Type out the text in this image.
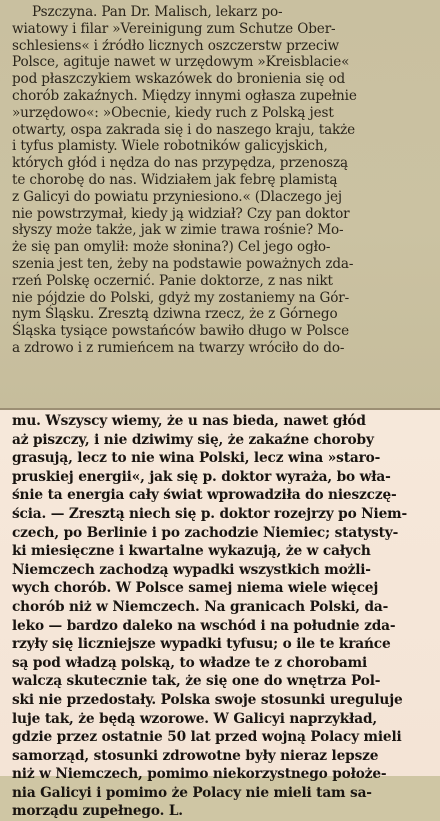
Pszczyna. Pan Dr. Malisch, lekarz po-
wiatowy i filar »Vereinigung zum Schutze Ober-
schlesiens« i źródło licznych oszczerstw przeciw
Polsce, agituje nawet w urzędowym »Kreisblacie«
pod płaszczykiem wskazówek do bronienia się od
chorób zakaźnych. Między innymi ogłasza zupełnie
»urzędowo«: »Obecnie, kiedy ruch z Polską jest
otwarty, ospa zakrada się i do naszego kraju, także
i tyfus plamisty. Wiele robotników galicyjskich,
których głód i nędza do nas przypędza, przenoszą
te chorobę do nas. Widziałem jak febrę plamistą
z Galicyi do powiatu przyniesiono.« (Dlaczego jej
nie powstrzymał, kiedy ją widział? Czy pan doktor
słyszy może także, jak w zimie trawa rośnie? Mo-
że się pan omylił: może słonina?) Cel jego ogło-
szenia jest ten, żeby na podstawie poważnych zda-
rzeń Polskę oczernić. Panie doktorze, z nas nikt
nie pójdzie do Polski, gdyż my zostaniemy na Gór-
nym Śląsku. Zresztą dziwna rzecz, że z Górnego
Śląska tysiące powstańców bawiło długo w Polsce
a zdrowo i z rumieńcem na twarzy wróciło do do-
mu. Wszyscy wiemy, że u nas bieda, nawet głód
aż piszczy, i nie dziwimy się, że zakaźne choroby
grasują, lecz to nie wina Polski, lecz wina »staro-
pruskiej energii«, jak się p. doktor wyraża, bo wła-
śnie ta energia cały świat wprowadziła do nieszczę-
ścia. — Zresztą niech się p. doktor rozejrzy po Niem-
czech, po Berlinie i po zachodzie Niemiec; statysty-
ki miesięczne i kwartalne wykazują, że w całych
Niemczech zachodzą wypadki wszystkich możli-
wych chorób. W Polsce samej niema wiele więcej
chorób niż w Niemczech. Na granicach Polski, da-
leko — bardzo daleko na wschód i na południe zda-
rzyły się liczniejsze wypadki tyfusu; o ile te krańce
są pod władzą polską, to władze te z chorobami
walczą skutecznie tak, że się one do wnętrza Pol-
ski nie przedostały. Polska swoje stosunki ureguluje
luje tak, że będą wzorowe. W Galicyi naprzykład,
gdzie przez ostatnie 50 lat przed wojną Polacy mieli
samorząd, stosunki zdrowotne były nieraz lepsze
niż w Niemczech, pomimo niekorzystnego położe-
nia Galicyi i pomimo że Polacy nie mieli tam sa-
morządu zupełnego. L.
